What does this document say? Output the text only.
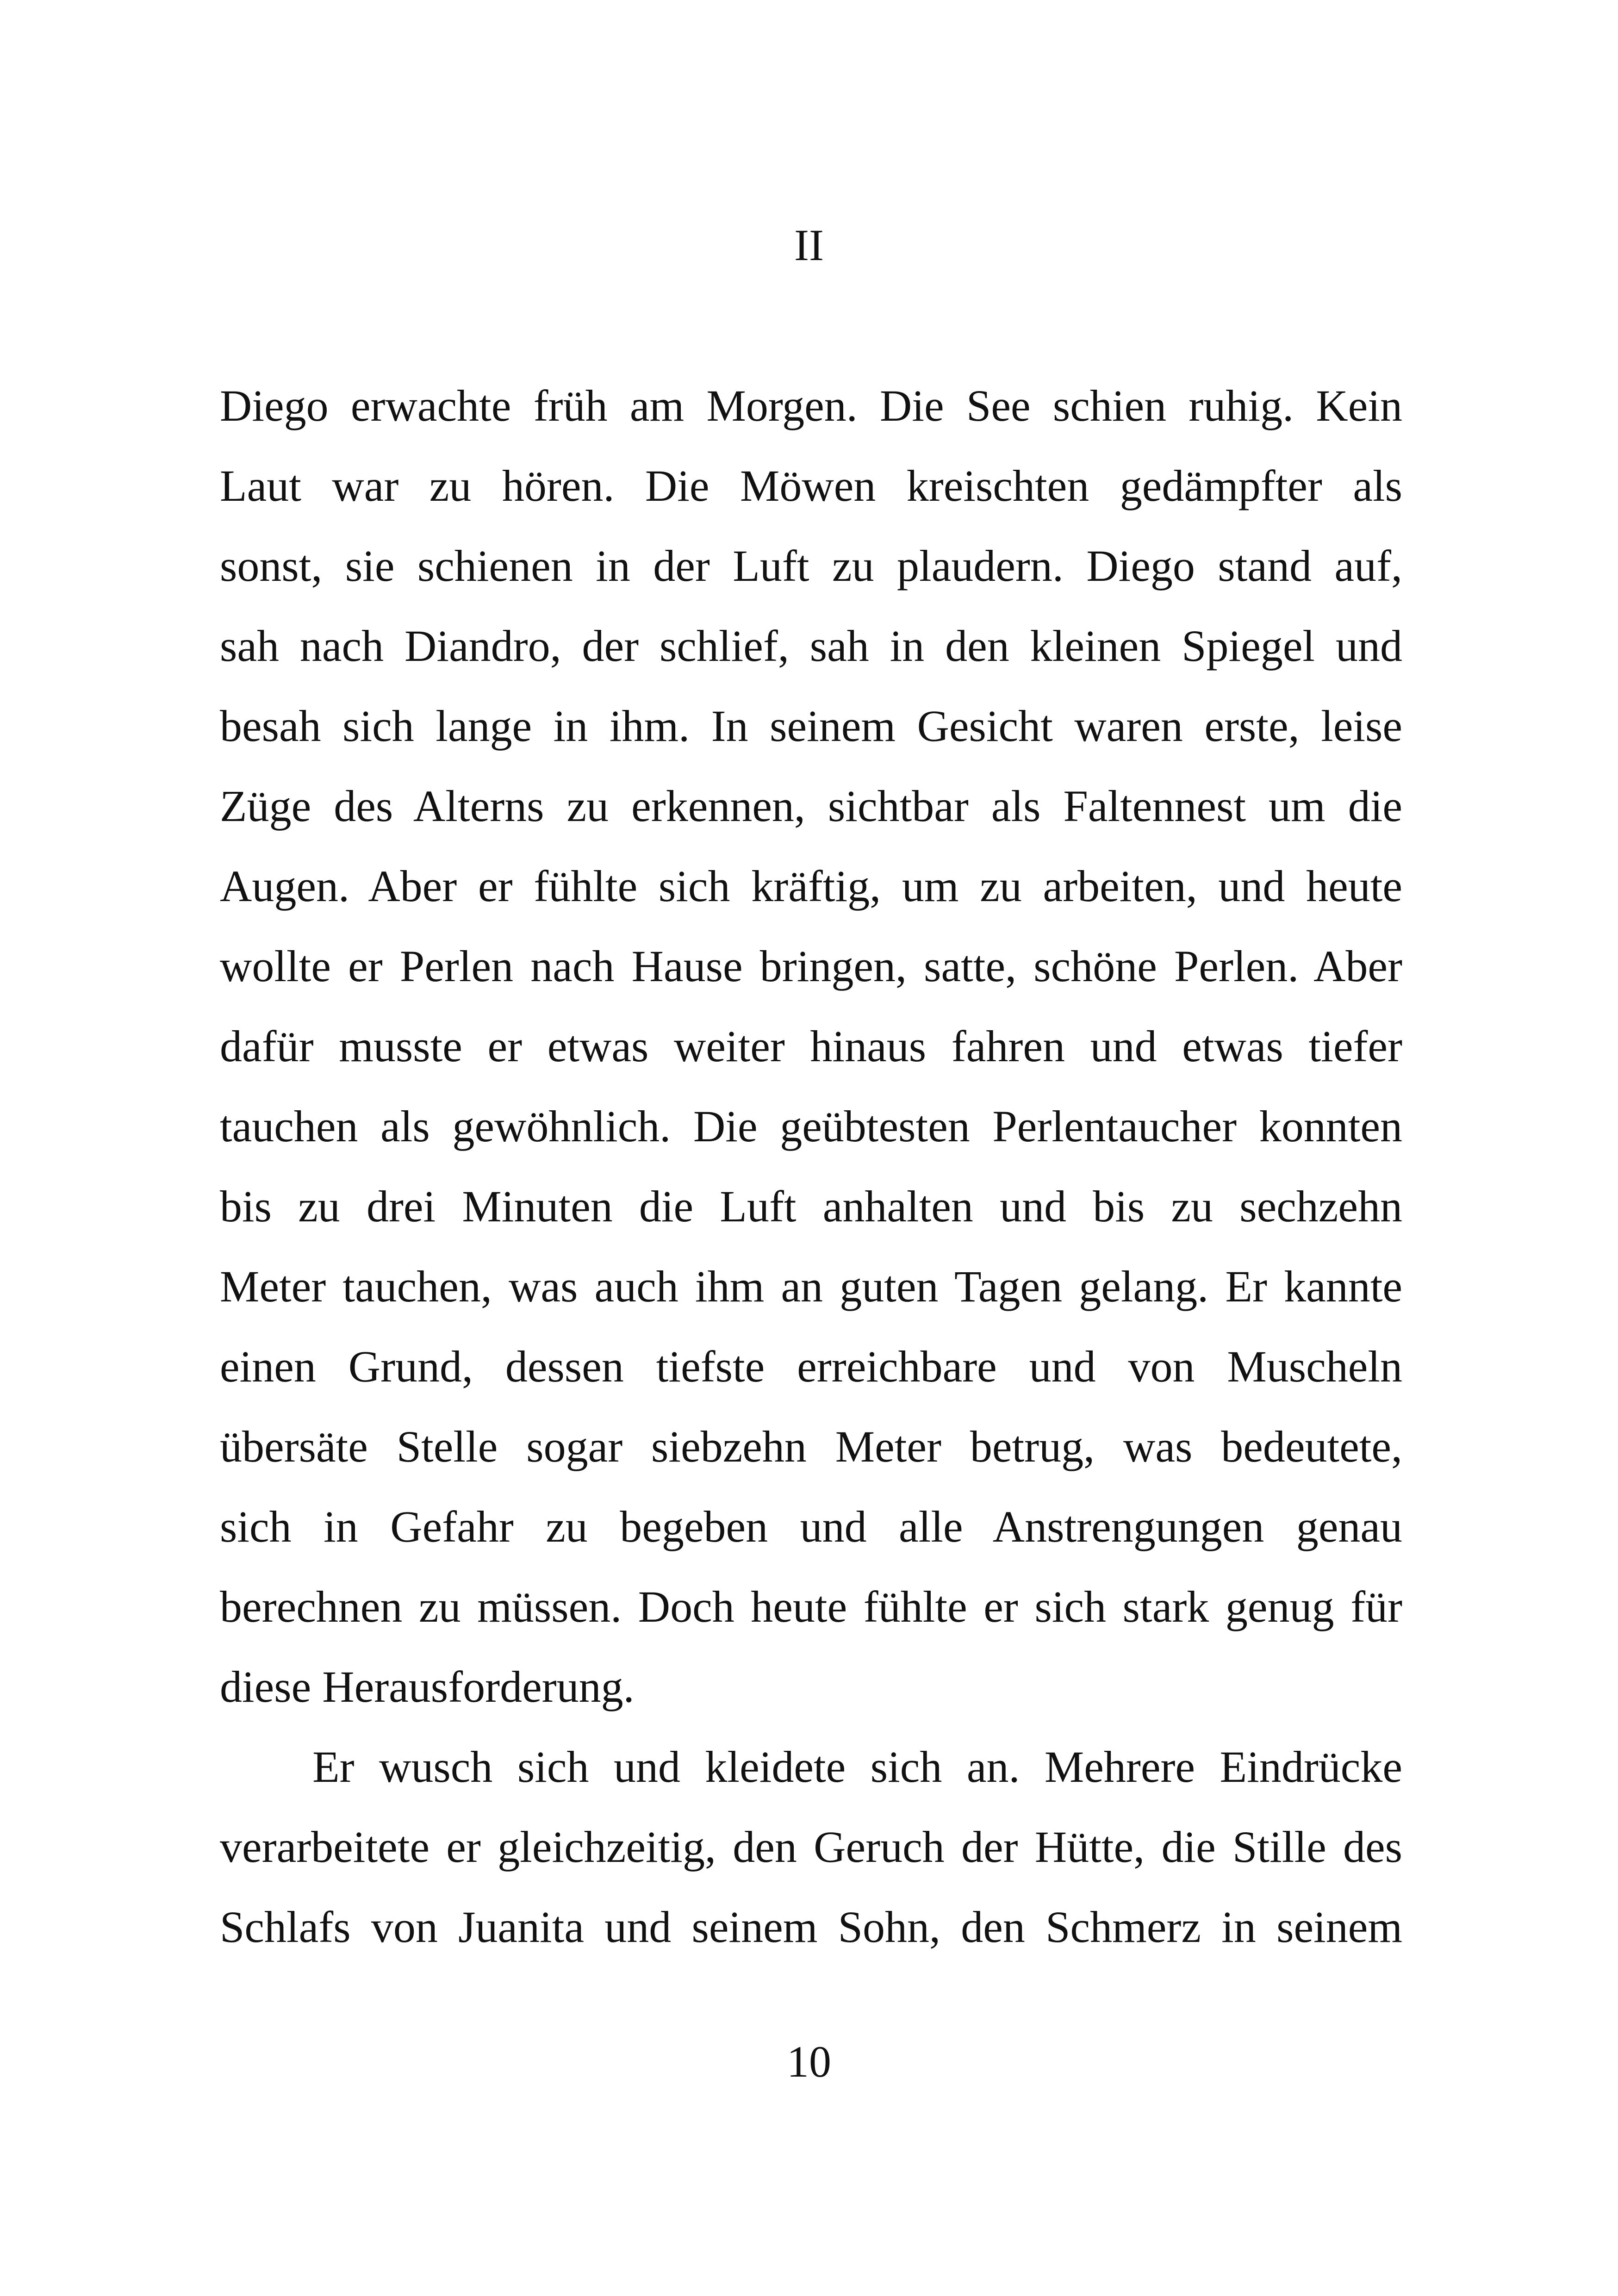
II
Diego erwachte früh am Morgen. Die See schien ruhig. Kein
Laut war zu hören. Die Möwen kreischten gedämpfter als
sonst, sie schienen in der Luft zu plaudern. Diego stand auf,
sah nach Diandro, der schlief, sah in den kleinen Spiegel und
besah sich lange in ihm. In seinem Gesicht waren erste, leise
Züge des Alterns zu erkennen, sichtbar als Faltennest um die
Augen. Aber er fühlte sich kräftig, um zu arbeiten, und heute
wollte er Perlen nach Hause bringen, satte, schöne Perlen. Aber
dafür musste er etwas weiter hinaus fahren und etwas tiefer
tauchen als gewöhnlich. Die geübtesten Perlentaucher konnten
bis zu drei Minuten die Luft anhalten und bis zu sechzehn
Meter tauchen, was auch ihm an guten Tagen gelang. Er kannte
einen Grund, dessen tiefste erreichbare und von Muscheln
übersäte Stelle sogar siebzehn Meter betrug, was bedeutete,
sich in Gefahr zu begeben und alle Anstrengungen genau
berechnen zu müssen. Doch heute fühlte er sich stark genug für
diese Herausforderung.
Er wusch sich und kleidete sich an. Mehrere Eindrücke
verarbeitete er gleichzeitig, den Geruch der Hütte, die Stille des
Schlafs von Juanita und seinem Sohn, den Schmerz in seinem
10
